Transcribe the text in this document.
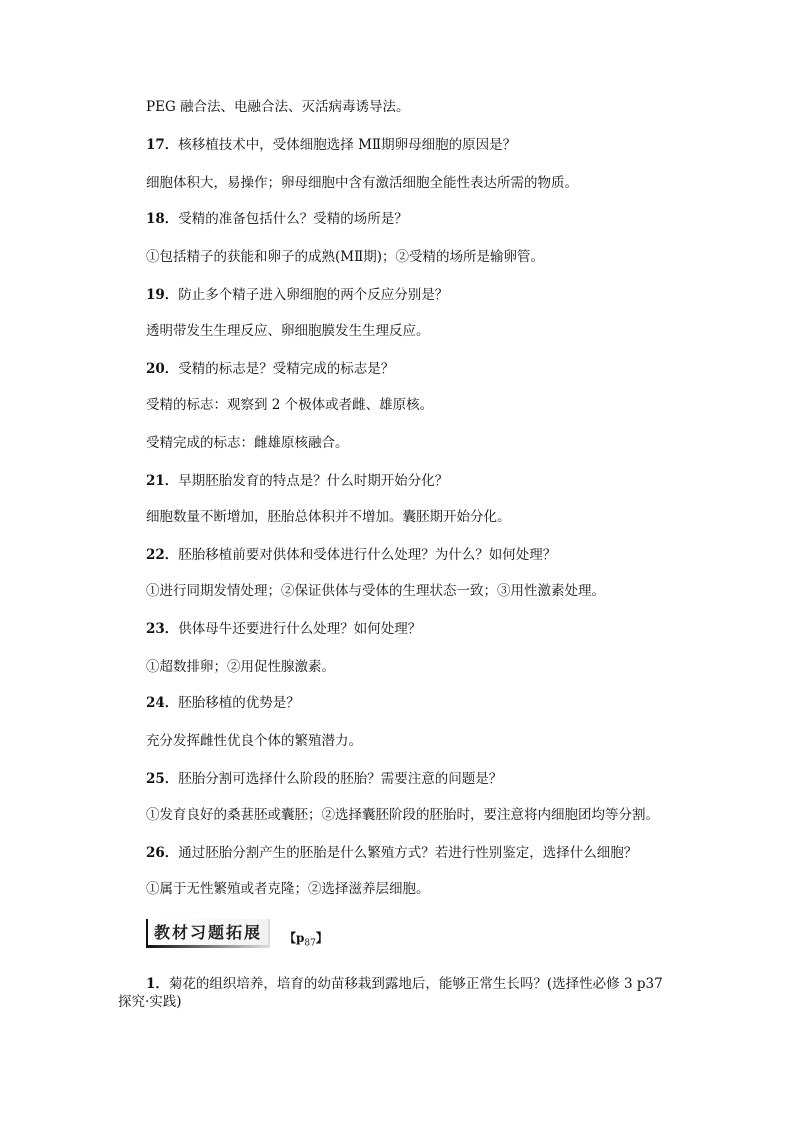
PEG 融合法、电融合法、灭活病毒诱导法。
17．核移植技术中，受体细胞选择 MⅡ期卵母细胞的原因是？
细胞体积大，易操作；卵母细胞中含有激活细胞全能性表达所需的物质。
18．受精的准备包括什么？受精的场所是？
①包括精子的获能和卵子的成熟(MⅡ期)；②受精的场所是输卵管。
19．防止多个精子进入卵细胞的两个反应分别是？
透明带发生生理反应、卵细胞膜发生生理反应。
20．受精的标志是？受精完成的标志是？
受精的标志：观察到 2 个极体或者雌、雄原核。
受精完成的标志：雌雄原核融合。
21．早期胚胎发育的特点是？什么时期开始分化？
细胞数量不断增加，胚胎总体积并不增加。囊胚期开始分化。
22．胚胎移植前要对供体和受体进行什么处理？为什么？如何处理？
①进行同期发情处理；②保证供体与受体的生理状态一致；③用性激素处理。
23．供体母牛还要进行什么处理？如何处理？
①超数排卵；②用促性腺激素。
24．胚胎移植的优势是？
充分发挥雌性优良个体的繁殖潜力。
25．胚胎分割可选择什么阶段的胚胎？需要注意的问题是？
①发育良好的桑葚胚或囊胚；②选择囊胚阶段的胚胎时，要注意将内细胞团均等分割。
26．通过胚胎分割产生的胚胎是什么繁殖方式？若进行性别鉴定，选择什么细胞？
①属于无性繁殖或者克隆；②选择滋养层细胞。
教材习题拓展	【$p_{87}$】
1．菊花的组织培养，培育的幼苗移栽到露地后，能够正常生长吗？(选择性必修 3 p37
探究·实践)
